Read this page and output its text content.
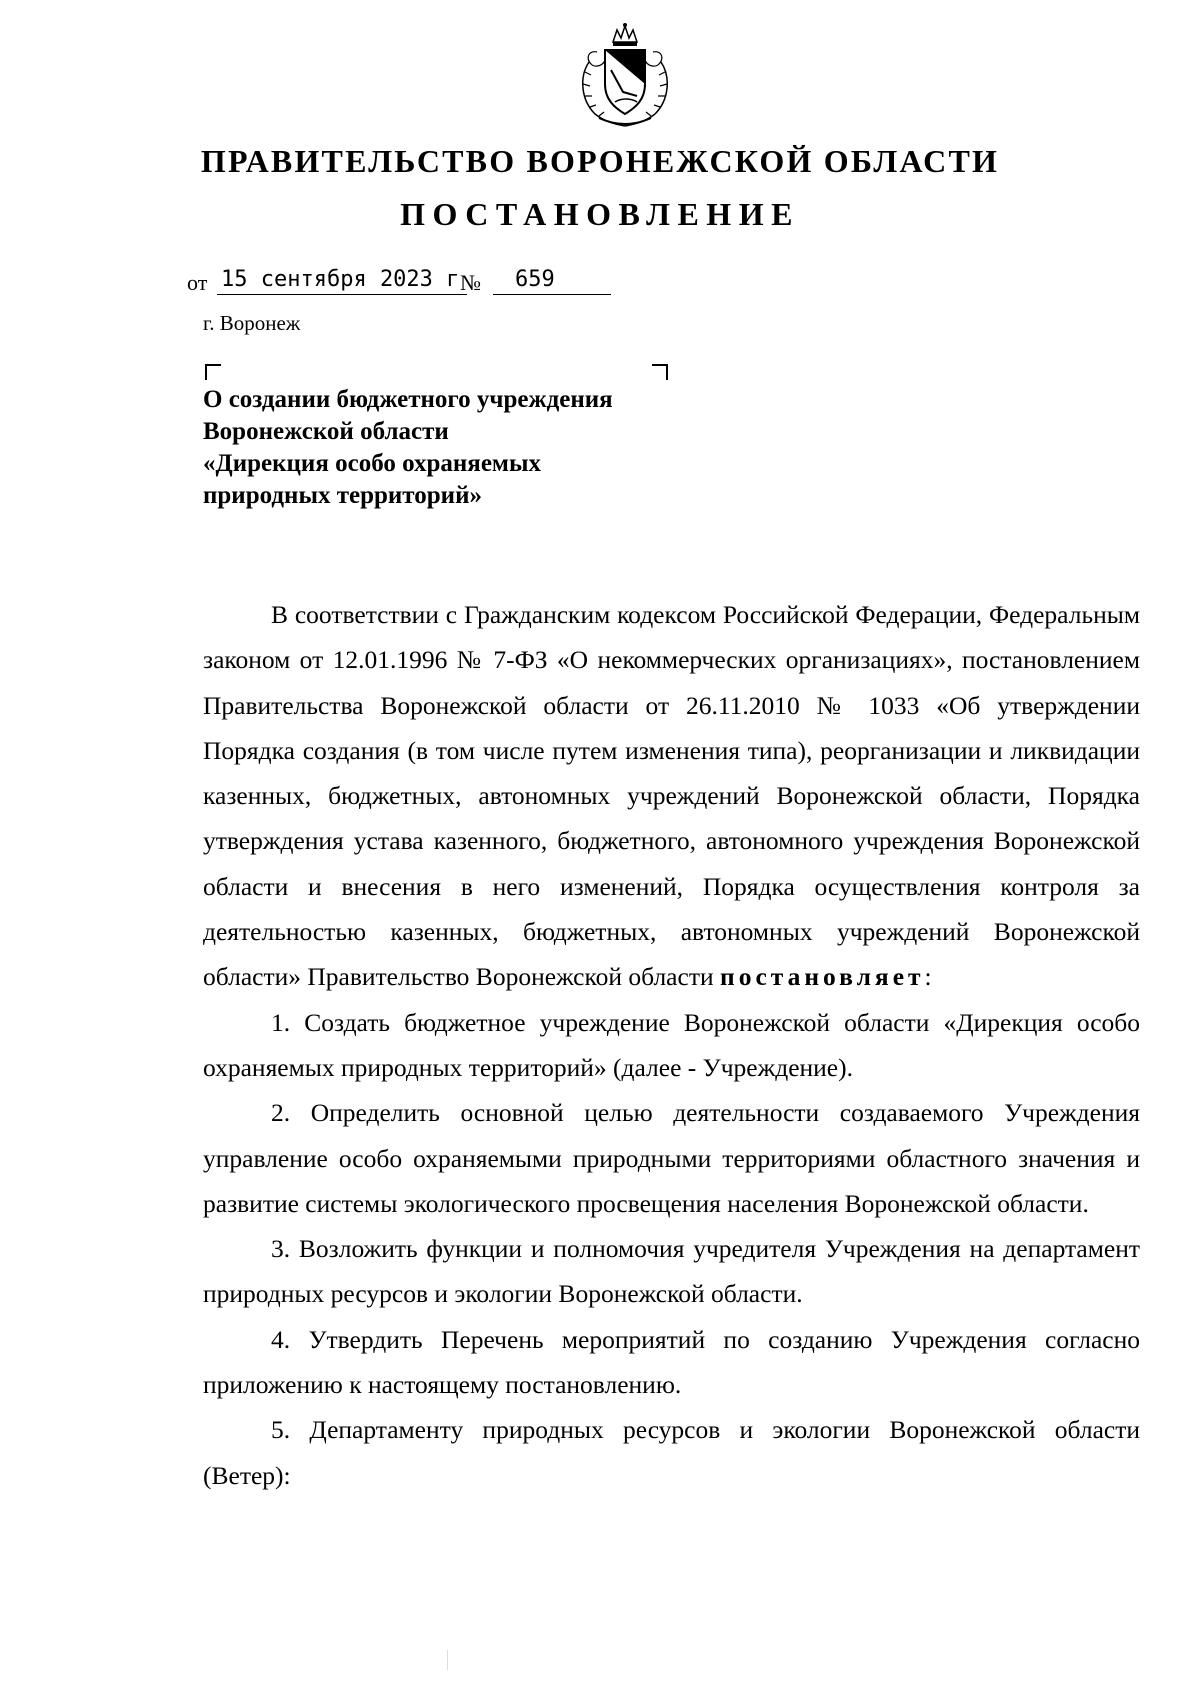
ПРАВИТЕЛЬСТВО ВОРОНЕЖСКОЙ ОБЛАСТИ
ПОСТАНОВЛЕНИЕ
от 15 сентября 2023 г № 659
г. Воронеж
О создании бюджетного учреждения
Воронежской области
«Дирекция особо охраняемых
природных территорий»

В соответствии с Гражданским кодексом Российской Федерации, Федеральным законом от 12.01.1996 № 7-ФЗ «О некоммерческих организациях», постановлением Правительства Воронежской области от 26.11.2010 № 1033 «Об утверждении Порядка создания (в том числе путем изменения типа), реорганизации и ликвидации казенных, бюджетных, автономных учреждений Воронежской области, Порядка утверждения устава казенного, бюджетного, автономного учреждения Воронежской области и внесения в него изменений, Порядка осуществления контроля за деятельностью казенных, бюджетных, автономных учреждений Воронежской области» Правительство Воронежской области постановляет:

1. Создать бюджетное учреждение Воронежской области «Дирекция особо охраняемых природных территорий» (далее - Учреждение).

2. Определить основной целью деятельности создаваемого Учреждения управление особо охраняемыми природными территориями областного значения и развитие системы экологического просвещения населения Воронежской области.

3. Возложить функции и полномочия учредителя Учреждения на департамент природных ресурсов и экологии Воронежской области.

4. Утвердить Перечень мероприятий по созданию Учреждения согласно приложению к настоящему постановлению.

5. Департаменту природных ресурсов и экологии Воронежской области (Ветер):
